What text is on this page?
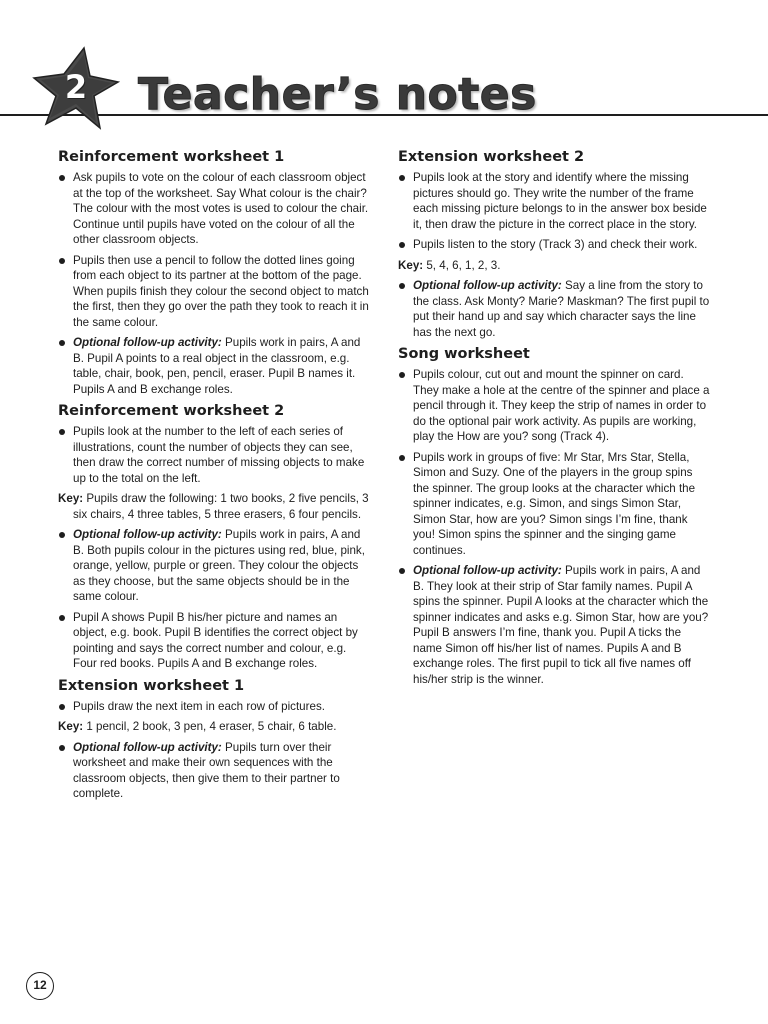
2	Teacher’s notes
Reinforcement worksheet 1
Ask pupils to vote on the colour of each classroom object at the top of the worksheet. Say What colour is the chair? The colour with the most votes is used to colour the chair. Continue until pupils have voted on the colour of all the other classroom objects.
Pupils then use a pencil to follow the dotted lines going from each object to its partner at the bottom of the page. When pupils finish they colour the second object to match the first, then they go over the path they took to reach it in the same colour.
Optional follow-up activity: Pupils work in pairs, A and B. Pupil A points to a real object in the classroom, e.g. table, chair, book, pen, pencil, eraser. Pupil B names it. Pupils A and B exchange roles.
Reinforcement worksheet 2
Pupils look at the number to the left of each series of illustrations, count the number of objects they can see, then draw the correct number of missing objects to make up to the total on the left.

Key: Pupils draw the following: 1 two books, 2 five pencils, 3 six chairs, 4 three tables, 5 three erasers, 6 four pencils.

Optional follow-up activity: Pupils work in pairs, A and B. Both pupils colour in the pictures using red, blue, pink, orange, yellow, purple or green. They colour the objects as they choose, but the same objects should be in the same colour.
Pupil A shows Pupil B his/her picture and names an object, e.g. book. Pupil B identifies the correct object by pointing and says the correct number and colour, e.g. Four red books. Pupils A and B exchange roles.
Extension worksheet 1
Pupils draw the next item in each row of pictures.

Key: 1 pencil, 2 book, 3 pen, 4 eraser, 5 chair, 6 table.

Optional follow-up activity: Pupils turn over their worksheet and make their own sequences with the classroom objects, then give them to their partner to complete.
Extension worksheet 2
Pupils look at the story and identify where the missing pictures should go. They write the number of the frame each missing picture belongs to in the answer box beside it, then draw the picture in the correct place in the story.
Pupils listen to the story (Track 3) and check their work.

Key: 5, 4, 6, 1, 2, 3.

Optional follow-up activity: Say a line from the story to the class. Ask Monty? Marie? Maskman? The first pupil to put their hand up and say which character says the line has the next go.
Song worksheet
Pupils colour, cut out and mount the spinner on card. They make a hole at the centre of the spinner and place a pencil through it. They keep the strip of names in order to do the optional pair work activity. As pupils are working, play the How are you? song (Track 4).
Pupils work in groups of five: Mr Star, Mrs Star, Stella, Simon and Suzy. One of the players in the group spins the spinner. The group looks at the character which the spinner indicates, e.g. Simon, and sings Simon Star, Simon Star, how are you? Simon sings I’m fine, thank you! Simon spins the spinner and the singing game continues.
Optional follow-up activity: Pupils work in pairs, A and B. They look at their strip of Star family names. Pupil A spins the spinner. Pupil A looks at the character which the spinner indicates and asks e.g. Simon Star, how are you? Pupil B answers I’m fine, thank you. Pupil A ticks the name Simon off his/her list of names. Pupils A and B exchange roles. The first pupil to tick all five names off his/her strip is the winner.
12
